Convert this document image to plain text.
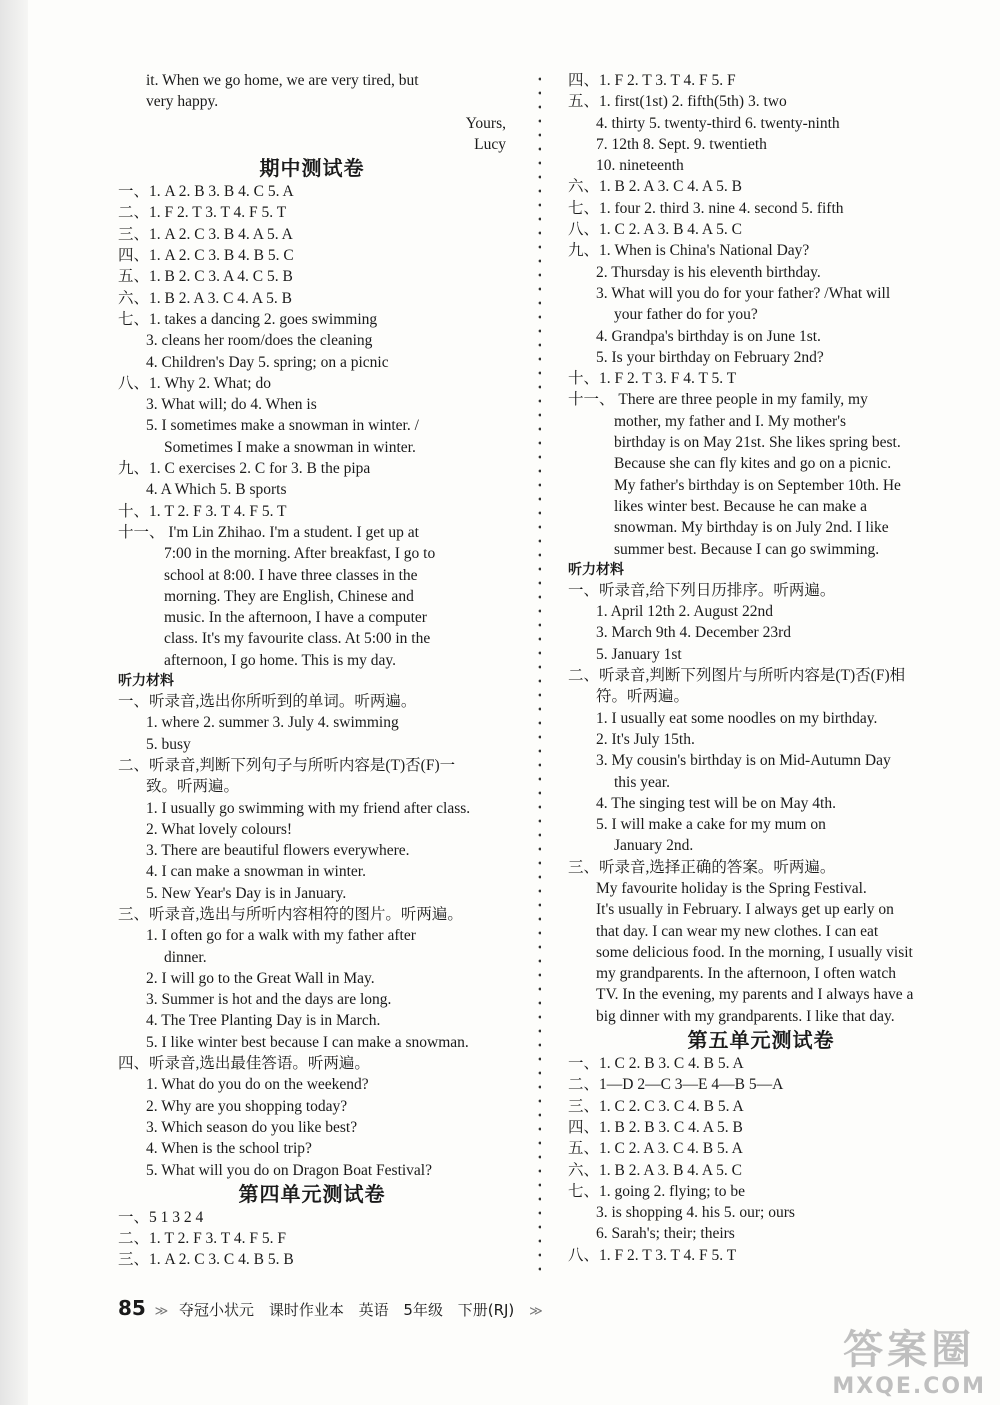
it. When we go home, we are very tired, but
very happy.
Yours,
Lucy
期中测试卷
一、1. A 2. B 3. B 4. C 5. A
二、1. F 2. T 3. T 4. F 5. T
三、1. A 2. C 3. B 4. A 5. A
四、1. A 2. C 3. B 4. B 5. C
五、1. B 2. C 3. A 4. C 5. B
六、1. B 2. A 3. C 4. A 5. B
七、1. takes a dancing 2. goes swimming
3. cleans her room/does the cleaning
4. Children's Day 5. spring; on a picnic
八、1. Why 2. What; do
3. What will; do 4. When is
5. I sometimes make a snowman in winter. /
Sometimes I make a snowman in winter.
九、1. C exercises 2. C for 3. B the pipa
4. A Which 5. B sports
十、1. T 2. F 3. T 4. F 5. T
十一、 I'm Lin Zhihao. I'm a student. I get up at
7:00 in the morning. After breakfast, I go to
school at 8:00. I have three classes in the
morning. They are English, Chinese and
music. In the afternoon, I have a computer
class. It's my favourite class. At 5:00 in the
afternoon, I go home. This is my day.
听力材料
一、听录音,选出你所听到的单词。听两遍。
1. where 2. summer 3. July 4. swimming
5. busy
二、听录音,判断下列句子与所听内容是(T)否(F)一
致。听两遍。
1. I usually go swimming with my friend after class.
2. What lovely colours!
3. There are beautiful flowers everywhere.
4. I can make a snowman in winter.
5. New Year's Day is in January.
三、听录音,选出与所听内容相符的图片。听两遍。
1. I often go for a walk with my father after
dinner.
2. I will go to the Great Wall in May.
3. Summer is hot and the days are long.
4. The Tree Planting Day is in March.
5. I like winter best because I can make a snowman.
四、听录音,选出最佳答语。听两遍。
1. What do you do on the weekend?
2. Why are you shopping today?
3. Which season do you like best?
4. When is the school trip?
5. What will you do on Dragon Boat Festival?
第四单元测试卷
一、5 1 3 2 4
二、1. T 2. F 3. T 4. F 5. F
三、1. A 2. C 3. C 4. B 5. B
四、1. F 2. T 3. T 4. F 5. F
五、1. first(1st) 2. fifth(5th) 3. two
4. thirty 5. twenty-third 6. twenty-ninth
7. 12th 8. Sept. 9. twentieth
10. nineteenth
六、1. B 2. A 3. C 4. A 5. B
七、1. four 2. third 3. nine 4. second 5. fifth
八、1. C 2. A 3. B 4. A 5. C
九、1. When is China's National Day?
2. Thursday is his eleventh birthday.
3. What will you do for your father? /What will
your father do for you?
4. Grandpa's birthday is on June 1st.
5. Is your birthday on February 2nd?
十、1. F 2. T 3. F 4. T 5. T
十一、 There are three people in my family, my
mother, my father and I. My mother's
birthday is on May 21st. She likes spring best.
Because she can fly kites and go on a picnic.
My father's birthday is on September 10th. He
likes winter best. Because he can make a
snowman. My birthday is on July 2nd. I like
summer best. Because I can go swimming.
听力材料
一、听录音,给下列日历排序。听两遍。
1. April 12th 2. August 22nd
3. March 9th 4. December 23rd
5. January 1st
二、听录音,判断下列图片与所听内容是(T)否(F)相
符。听两遍。
1. I usually eat some noodles on my birthday.
2. It's July 15th.
3. My cousin's birthday is on Mid-Autumn Day
this year.
4. The singing test will be on May 4th.
5. I will make a cake for my mum on
January 2nd.
三、听录音,选择正确的答案。听两遍。
My favourite holiday is the Spring Festival.
It's usually in February. I always get up early on
that day. I can wear my new clothes. I can eat
some delicious food. In the morning, I usually visit
my grandparents. In the afternoon, I often watch
TV. In the evening, my parents and I always have a
big dinner with my grandparents. I like that day.
第五单元测试卷
一、1. C 2. B 3. C 4. B 5. A
二、1—D 2—C 3—E 4—B 5—A
三、1. C 2. C 3. C 4. B 5. A
四、1. B 2. B 3. C 4. A 5. B
五、1. C 2. A 3. C 4. B 5. A
六、1. B 2. A 3. B 4. A 5. C
七、1. going 2. flying; to be
3. is shopping 4. his 5. our; ours
6. Sarah's; their; theirs
八、1. F 2. T 3. T 4. F 5. T
85 ≫ 夺冠小状元 课时作业本 英语 5年级 下册(RJ) ≫
答案圈
MXQE.COM
